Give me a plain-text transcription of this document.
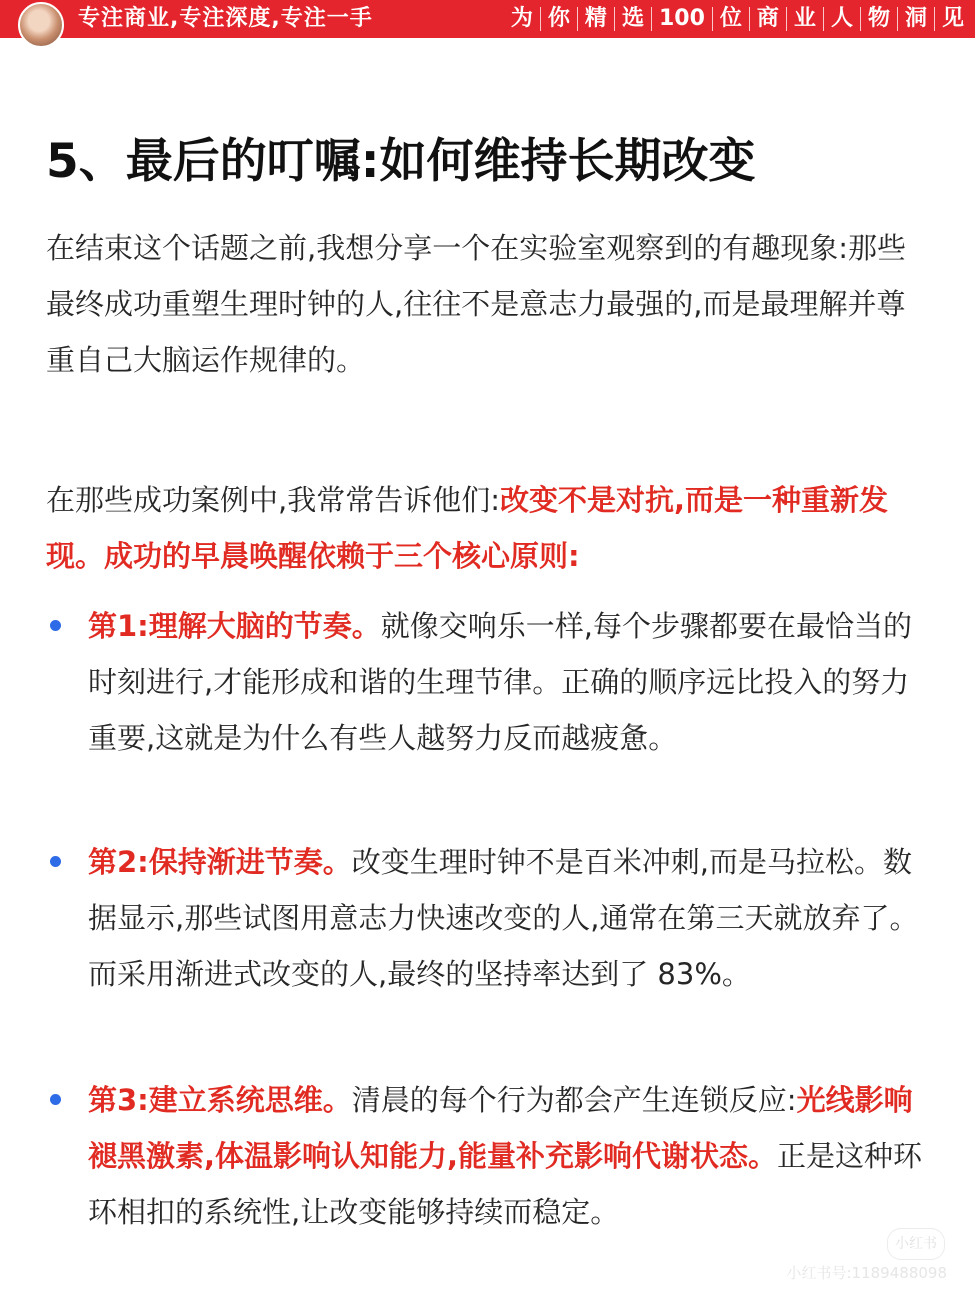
专注商业,专注深度,专注一手	为 你 精 选 100 位 商 业 人 物 洞 见
5、最后的叮嘱:如何维持长期改变

在结束这个话题之前,我想分享一个在实验室观察到的有趣现象:那些最终成功重塑生理时钟的人,往往不是意志力最强的,而是最理解并尊重自己大脑运作规律的。

在那些成功案例中,我常常告诉他们:改变不是对抗,而是一种重新发现。成功的早晨唤醒依赖于三个核心原则:

第1:理解大脑的节奏。就像交响乐一样,每个步骤都要在最恰当的时刻进行,才能形成和谐的生理节律。正确的顺序远比投入的努力重要,这就是为什么有些人越努力反而越疲惫。

第2:保持渐进节奏。改变生理时钟不是百米冲刺,而是马拉松。数据显示,那些试图用意志力快速改变的人,通常在第三天就放弃了。而采用渐进式改变的人,最终的坚持率达到了 83%。

第3:建立系统思维。清晨的每个行为都会产生连锁反应:光线影响褪黑激素,体温影响认知能力,能量补充影响代谢状态。正是这种环环相扣的系统性,让改变能够持续而稳定。

小红书
小红书号:1189488098
